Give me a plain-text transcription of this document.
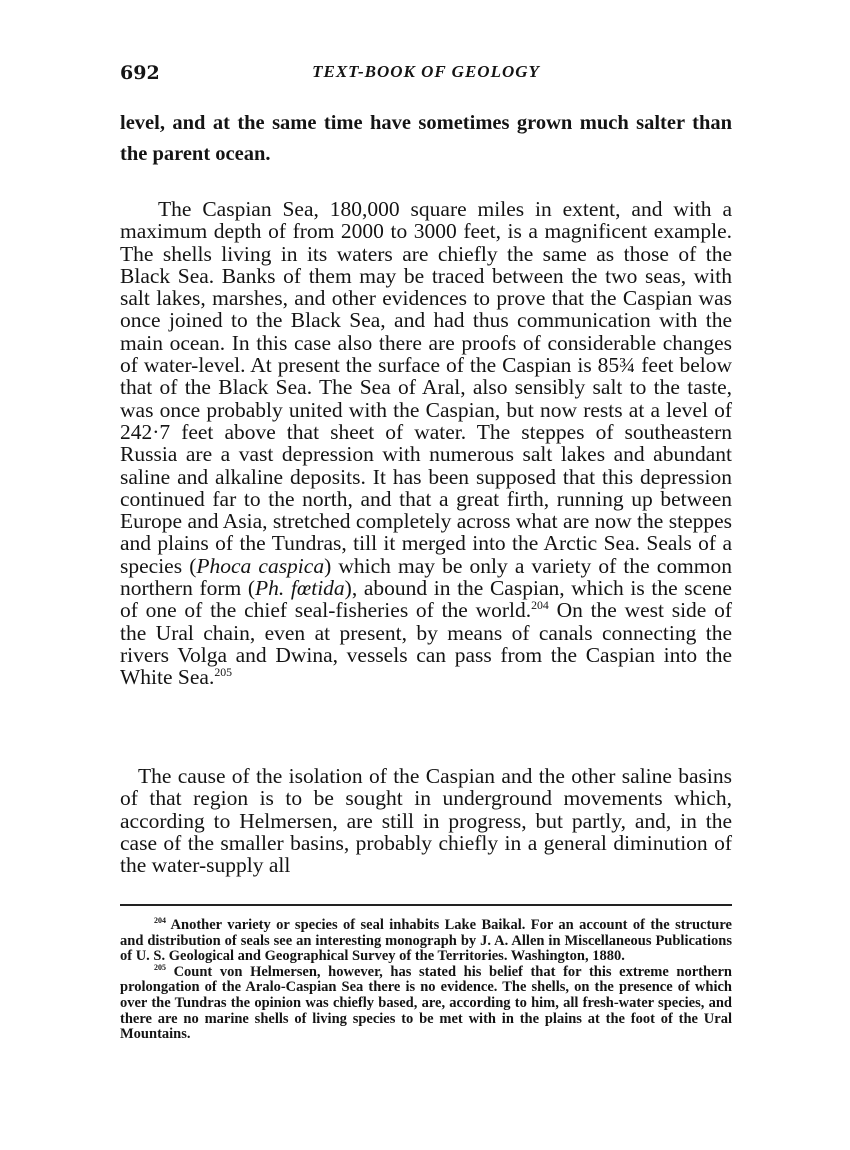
692	TEXT-BOOK OF GEOLOGY

level, and at the same time have sometimes grown much salter than the parent ocean.

The Caspian Sea, 180,000 square miles in extent, and with a maximum depth of from 2000 to 3000 feet, is a magnificent example. The shells living in its waters are chiefly the same as those of the Black Sea. Banks of them may be traced between the two seas, with salt lakes, marshes, and other evidences to prove that the Caspian was once joined to the Black Sea, and had thus communication with the main ocean. In this case also there are proofs of considerable changes of water-level. At present the surface of the Caspian is 85¾ feet below that of the Black Sea. The Sea of Aral, also sensibly salt to the taste, was once probably united with the Caspian, but now rests at a level of 242·7 feet above that sheet of water. The steppes of southeastern Russia are a vast depression with numerous salt lakes and abundant saline and alkaline deposits. It has been supposed that this depression continued far to the north, and that a great firth, running up between Europe and Asia, stretched completely across what are now the steppes and plains of the Tundras, till it merged into the Arctic Sea. Seals of a species (Phoca caspica) which may be only a variety of the common northern form (Ph. fœtida), abound in the Caspian, which is the scene of one of the chief seal-fisheries of the world.$^{204}$ On the west side of the Ural chain, even at present, by means of canals connecting the rivers Volga and Dwina, vessels can pass from the Caspian into the White Sea.$^{205}$

The cause of the isolation of the Caspian and the other saline basins of that region is to be sought in underground movements which, according to Helmersen, are still in progress, but partly, and, in the case of the smaller basins, probably chiefly in a general diminution of the water-supply all

$^{204}$ Another variety or species of seal inhabits Lake Baikal. For an account of the structure and distribution of seals see an interesting monograph by J. A. Allen in Miscellaneous Publications of U. S. Geological and Geographical Survey of the Territories. Washington, 1880.

$^{205}$ Count von Helmersen, however, has stated his belief that for this extreme northern prolongation of the Aralo-Caspian Sea there is no evidence. The shells, on the presence of which over the Tundras the opinion was chiefly based, are, according to him, all fresh-water species, and there are no marine shells of living species to be met with in the plains at the foot of the Ural Mountains.
